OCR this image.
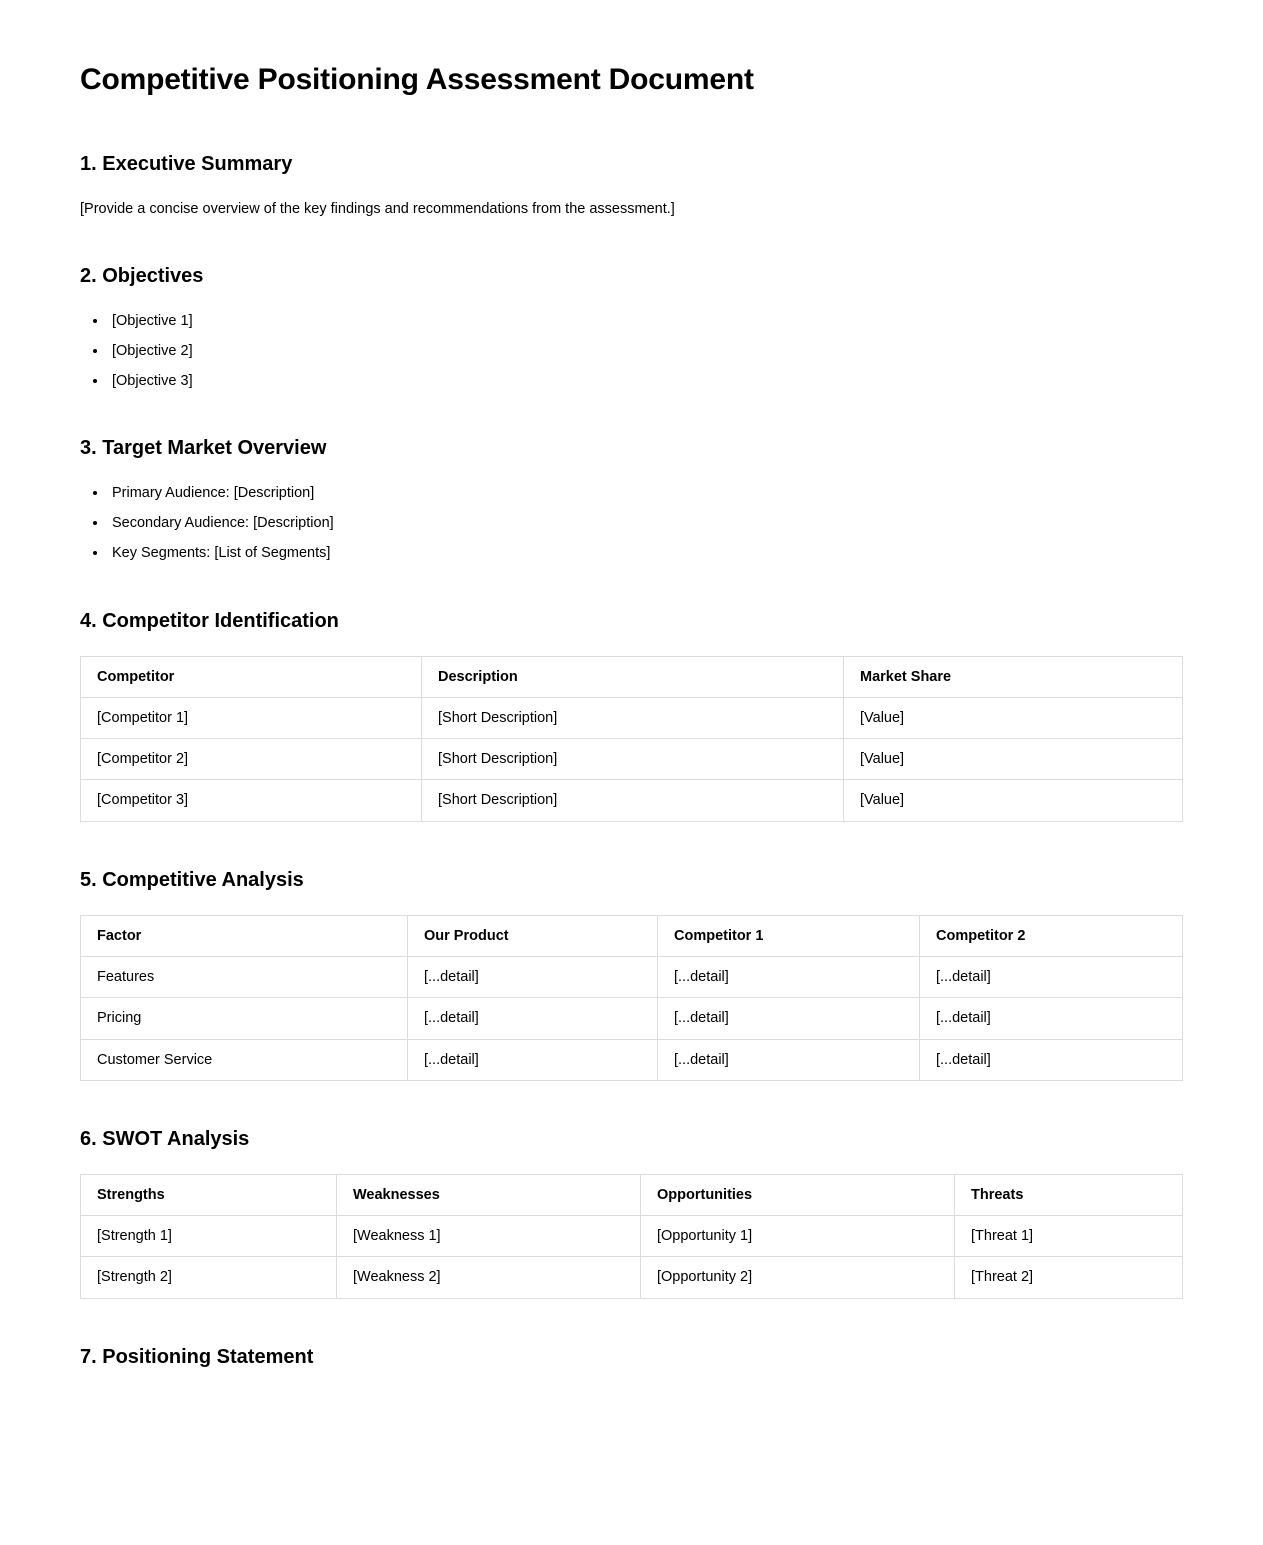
Competitive Positioning Assessment Document
1. Executive Summary

[Provide a concise overview of the key findings and recommendations from the assessment.]

2. Objectives
• [Objective 1]
• [Objective 2]
• [Objective 3]
3. Target Market Overview
• Primary Audience: [Description]
• Secondary Audience: [Description]
• Key Segments: [List of Segments]
4. Competitor Identification
Competitor	Description	Market Share
[Competitor 1]	[Short Description]	[Value]
[Competitor 2]	[Short Description]	[Value]
[Competitor 3]	[Short Description]	[Value]
5. Competitive Analysis
Factor	Our Product	Competitor 1	Competitor 2
Features	[...detail]	[...detail]	[...detail]
Pricing	[...detail]	[...detail]	[...detail]
Customer Service	[...detail]	[...detail]	[...detail]
6. SWOT Analysis
Strengths	Weaknesses	Opportunities	Threats
[Strength 1]	[Weakness 1]	[Opportunity 1]	[Threat 1]
[Strength 2]	[Weakness 2]	[Opportunity 2]	[Threat 2]
7. Positioning Statement
